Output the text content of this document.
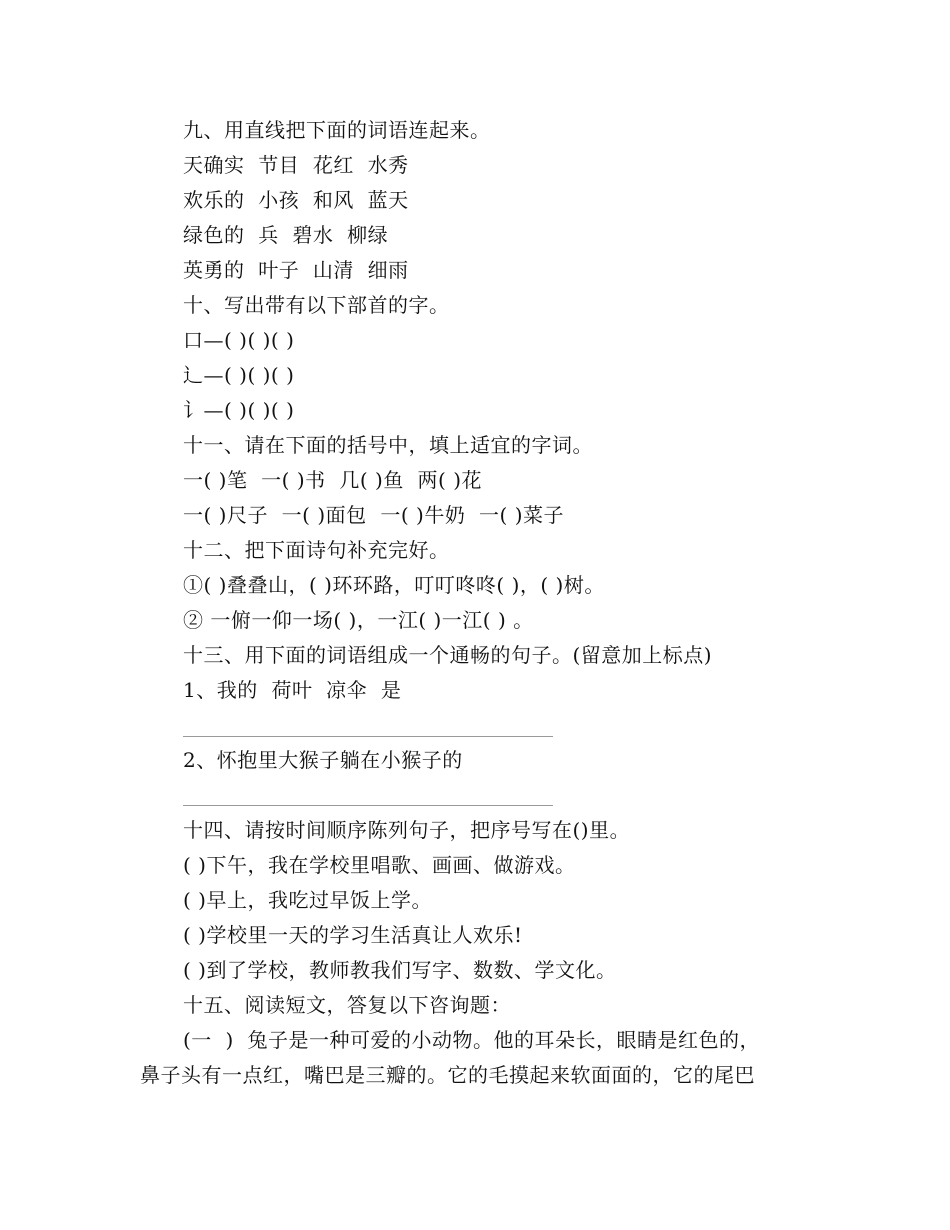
九、用直线把下面的词语连起来。
天确实  节目  花红  水秀
欢乐的  小孩  和风  蓝天
绿色的  兵  碧水  柳绿
英勇的  叶子  山清  细雨
十、写出带有以下部首的字。
口—( )( )( )
辶—( )( )( )
讠—( )( )( )
十一、请在下面的括号中，填上适宜的字词。
一( )笔  一( )书  几( )鱼  两( )花
一( )尺子  一( )面包  一( )牛奶  一( )菜子
十二、把下面诗句补充完好。
①( )叠叠山，( )环环路，叮叮咚咚( )，( )树。
② 一俯一仰一场( )，一江( )一江( ) 。
十三、用下面的词语组成一个通畅的句子。(留意加上标点)
1、我的  荷叶  凉伞  是
2、怀抱里大猴子躺在小猴子的
十四、请按时间顺序陈列句子，把序号写在()里。
( )下午，我在学校里唱歌、画画、做游戏。
( )早上，我吃过早饭上学。
( )学校里一天的学习生活真让人欢乐!
( )到了学校，教师教我们写字、数数、学文化。
十五、阅读短文，答复以下咨询题：
(一  )  兔子是一种可爱的小动物。他的耳朵长，眼睛是红色的，
鼻子头有一点红，嘴巴是三瓣的。它的毛摸起来软面面的，它的尾巴
